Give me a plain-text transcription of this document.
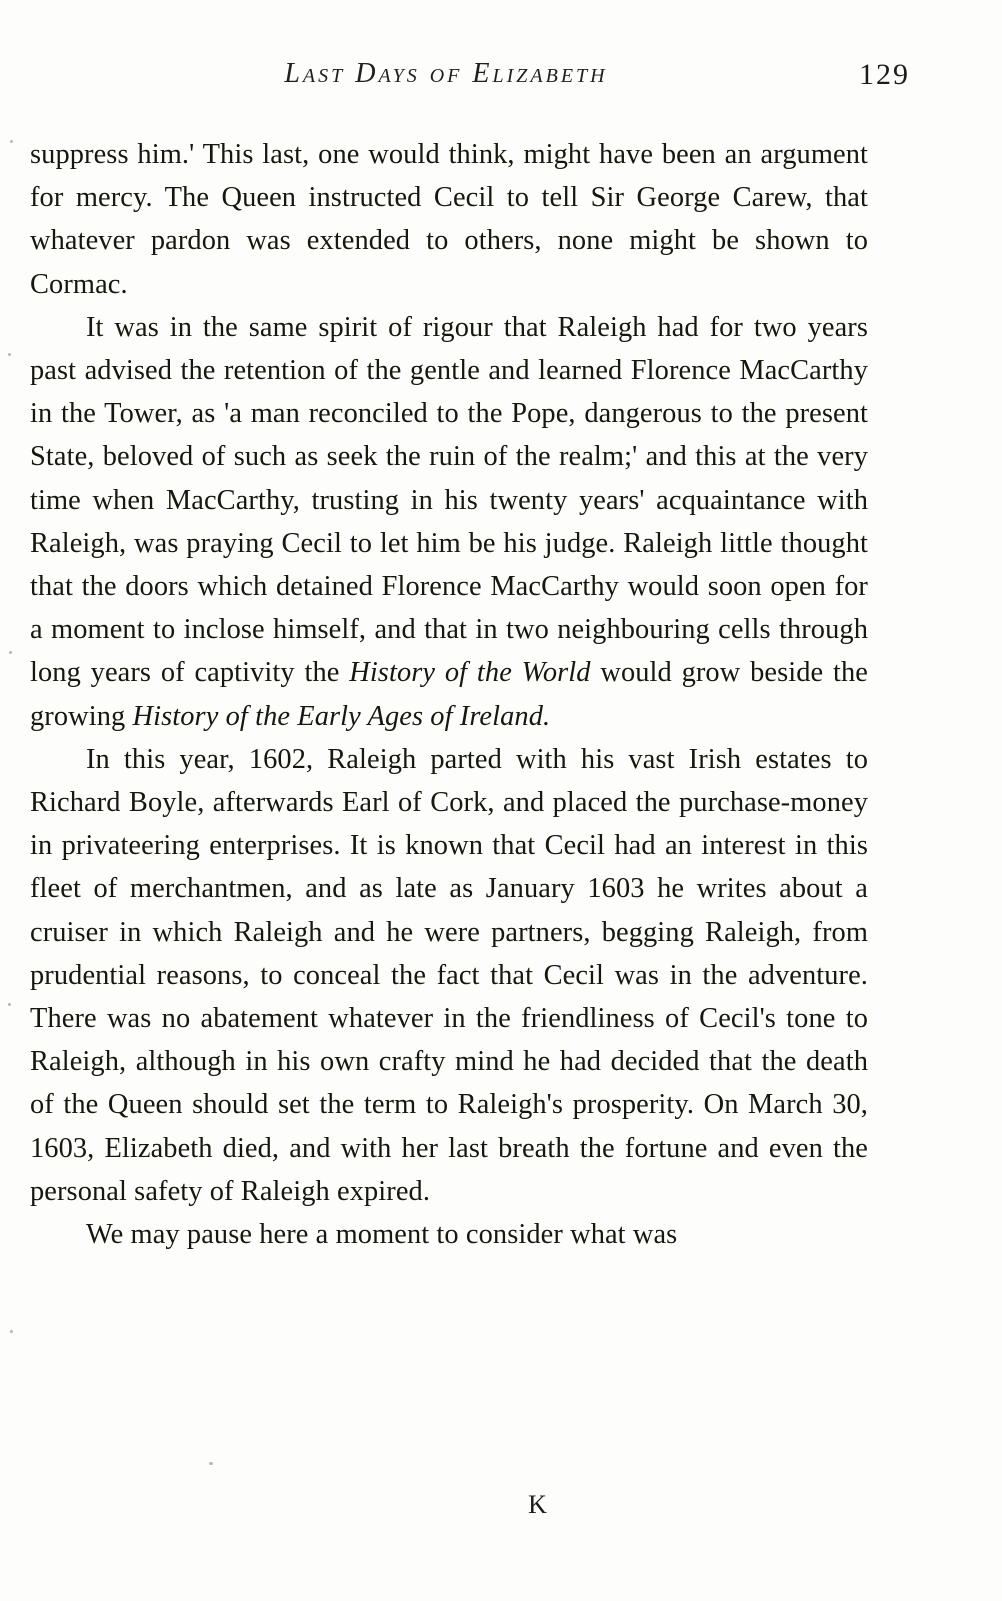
Last Days of Elizabeth	129

suppress him.' This last, one would think, might have been an argument for mercy. The Queen instructed Cecil to tell Sir George Carew, that whatever pardon was extended to others, none might be shown to Cormac.

It was in the same spirit of rigour that Raleigh had for two years past advised the retention of the gentle and learned Florence MacCarthy in the Tower, as 'a man reconciled to the Pope, dangerous to the present State, beloved of such as seek the ruin of the realm;' and this at the very time when MacCarthy, trusting in his twenty years' acquaintance with Raleigh, was praying Cecil to let him be his judge. Raleigh little thought that the doors which detained Florence MacCarthy would soon open for a moment to inclose himself, and that in two neighbouring cells through long years of captivity the History of the World would grow beside the growing History of the Early Ages of Ireland.

In this year, 1602, Raleigh parted with his vast Irish estates to Richard Boyle, afterwards Earl of Cork, and placed the purchase-money in privateering enterprises. It is known that Cecil had an interest in this fleet of merchantmen, and as late as January 1603 he writes about a cruiser in which Raleigh and he were partners, begging Raleigh, from prudential reasons, to conceal the fact that Cecil was in the adventure. There was no abatement whatever in the friendliness of Cecil's tone to Raleigh, although in his own crafty mind he had decided that the death of the Queen should set the term to Raleigh's prosperity. On March 30, 1603, Elizabeth died, and with her last breath the fortune and even the personal safety of Raleigh expired.

We may pause here a moment to consider what was

K
